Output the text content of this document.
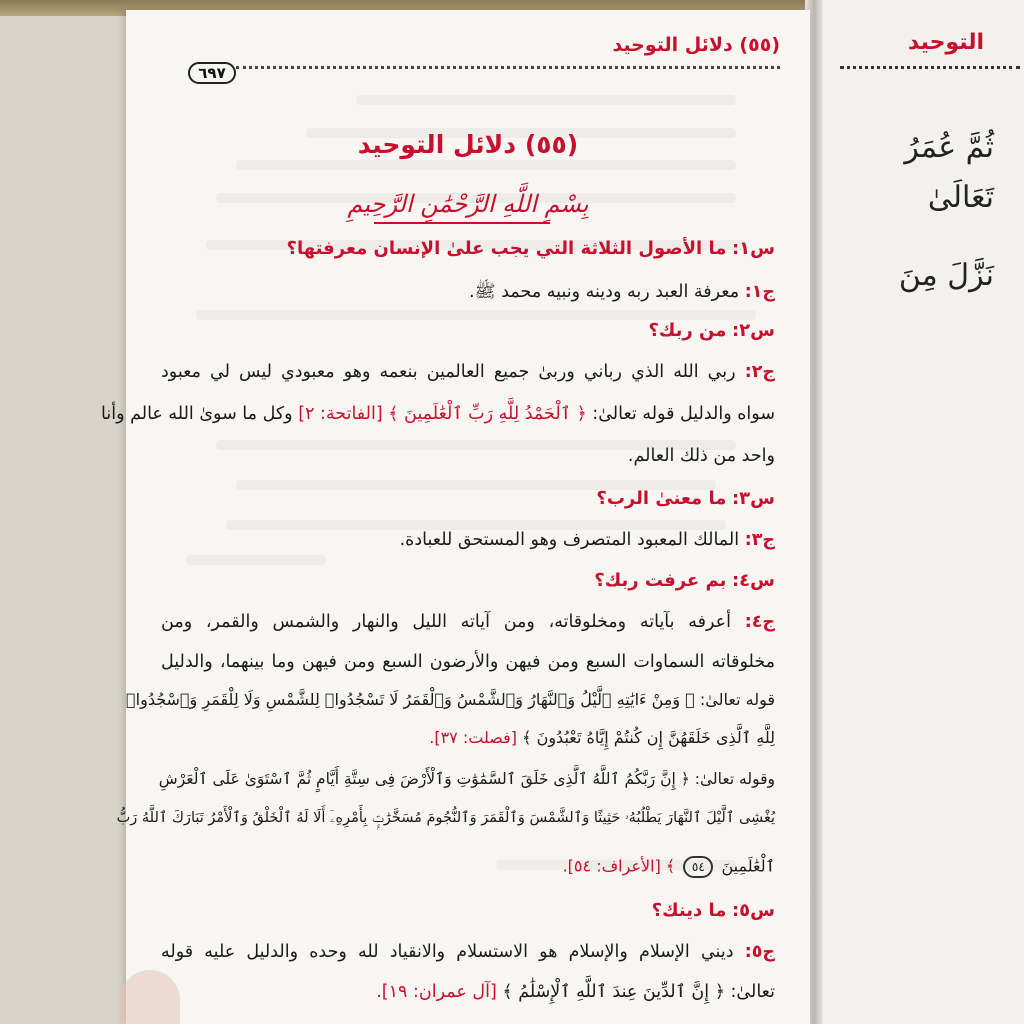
التوحيد
ثُمَّ عُمَرُ
تَعَالَىٰ
نَزَّلَ مِنَ
(٥٥) دلائل التوحيد
٦٩٧
(٥٥) دلائل التوحيد
بِسْمِ اللَّهِ الرَّحْمَٰنِ الرَّحِيمِ
س١: ما الأصول الثلاثة التي يجب علىٰ الإنسان معرفتها؟
ج١: معرفة العبد ربه ودينه ونبيه محمد ﷺ.
س٢: من ربك؟
ج٢: ربي الله الذي رباني وربىٰ جميع العالمين بنعمه وهو معبودي ليس لي معبود
سواه والدليل قوله تعالىٰ: ﴿ ٱلْحَمْدُ لِلَّهِ رَبِّ ٱلْعَٰلَمِينَ ﴾ [الفاتحة: ٢] وكل ما سوىٰ الله عالم وأنا
واحد من ذلك العالم.
س٣: ما معنىٰ الرب؟
ج٣: المالك المعبود المتصرف وهو المستحق للعبادة.
س٤: بم عرفت ربك؟
ج٤: أعرفه بآياته ومخلوقاته، ومن آياته الليل والنهار والشمس والقمر، ومن
مخلوقاته السماوات السبع ومن فيهن والأرضون السبع ومن فيهن وما بينهما، والدليل
قوله تعالىٰ: ﴿ وَمِنْ ءَايَٰتِهِ ٱلَّيْلُ وَٱلنَّهَارُ وَٱلشَّمْسُ وَٱلْقَمَرُ لَا تَسْجُدُوا۟ لِلشَّمْسِ وَلَا لِلْقَمَرِ وَٱسْجُدُوا۟
لِلَّهِ ٱلَّذِى خَلَقَهُنَّ إِن كُنتُمْ إِيَّاهُ تَعْبُدُونَ ﴾ [فصلت: ٣٧].
وقوله تعالىٰ: ﴿ إِنَّ رَبَّكُمُ ٱللَّهُ ٱلَّذِى خَلَقَ ٱلسَّمَٰوَٰتِ وَٱلْأَرْضَ فِى سِتَّةِ أَيَّامٍ ثُمَّ ٱسْتَوَىٰ عَلَى ٱلْعَرْشِ
يُغْشِى ٱلَّيْلَ ٱلنَّهَارَ يَطْلُبُهُۥ حَثِيثًا وَٱلشَّمْسَ وَٱلْقَمَرَ وَٱلنُّجُومَ مُسَخَّرَٰتٍۭ بِأَمْرِهِۦٓ أَلَا لَهُ ٱلْخَلْقُ وَٱلْأَمْرُ تَبَارَكَ ٱللَّهُ رَبُّ
ٱلْعَٰلَمِينَ ٥٤ ﴾ [الأعراف: ٥٤].
س٥: ما دينك؟
ج٥: ديني الإسلام والإسلام هو الاستسلام والانقياد لله وحده والدليل عليه قوله
تعالىٰ: ﴿ إِنَّ ٱلدِّينَ عِندَ ٱللَّهِ ٱلْإِسْلَٰمُ ﴾ [آل عمران: ١٩].
